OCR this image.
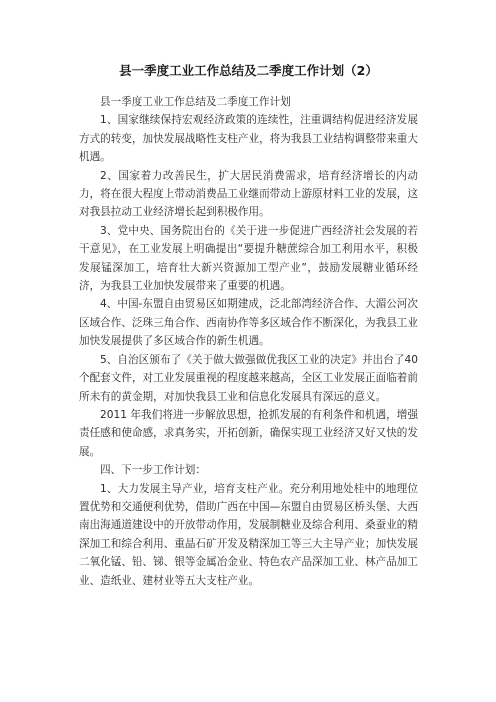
县一季度工业工作总结及二季度工作计划（2）

县一季度工业工作总结及二季度工作计划

1、国家继续保持宏观经济政策的连续性，注重调结构促进经济发展方式的转变，加快发展战略性支柱产业，将为我县工业结构调整带来重大机遇。

2、国家着力改善民生，扩大居民消费需求，培育经济增长的内动力，将在很大程度上带动消费品工业继而带动上游原材料工业的发展，这对我县拉动工业经济增长起到积极作用。

3、党中央、国务院出台的《关于进一步促进广西经济社会发展的若干意见》，在工业发展上明确提出“要提升糖蔗综合加工利用水平，积极发展锰深加工，培育壮大新兴资源加工型产业”，鼓励发展糖业循环经济，为我县工业加快发展带来了重要的机遇。

4、中国-东盟自由贸易区如期建成，泛北部湾经济合作、大湄公河次区域合作、泛珠三角合作、西南协作等多区域合作不断深化，为我县工业加快发展提供了多区域合作的新生机遇。

5、自治区颁布了《关于做大做强做优我区工业的决定》并出台了40 个配套文件，对工业发展重视的程度越来越高，全区工业发展正面临着前所未有的黄金期，对加快我县工业和信息化发展具有深远的意义。

2011 年我们将进一步解放思想，抢抓发展的有利条件和机遇，增强责任感和使命感，求真务实，开拓创新，确保实现工业经济又好又快的发展。

四、下一步工作计划：

1、大力发展主导产业，培育支柱产业。充分利用地处桂中的地理位置优势和交通便利优势，借助广西在中国—东盟自由贸易区桥头堡、大西南出海通道建设中的开放带动作用，发展制糖业及综合利用、桑蚕业的精深加工和综合利用、重晶石矿开发及精深加工等三大主导产业；加快发展二氧化锰、铅、锑、银等金属冶金业、特色农产品深加工业、林产品加工业、造纸业、建材业等五大支柱产业。
